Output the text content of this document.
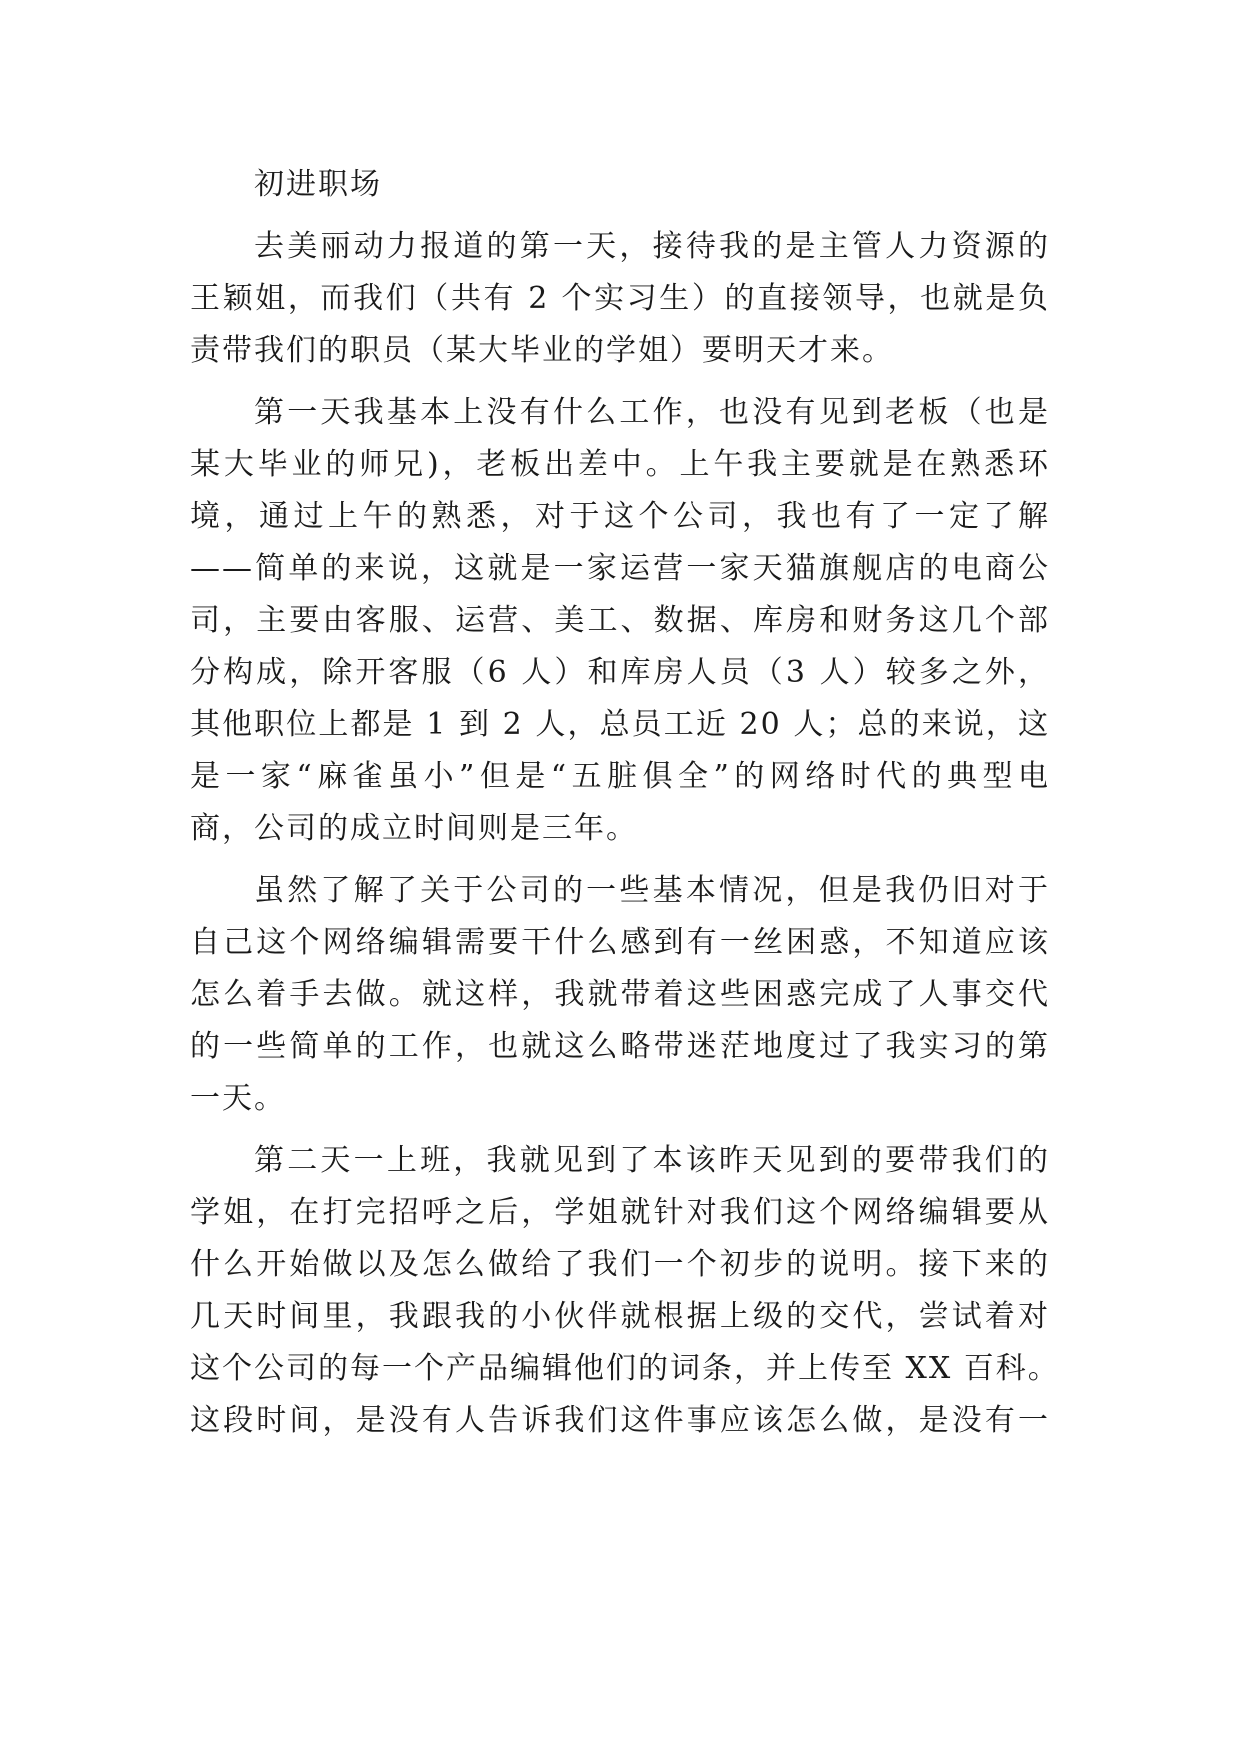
初进职场
去美丽动力报道的第一天，接待我的是主管人力资源的
王颖姐，而我们（共有 2 个实习生）的直接领导，也就是负
责带我们的职员（某大毕业的学姐）要明天才来。
第一天我基本上没有什么工作，也没有见到老板（也是
某大毕业的师兄)，老板出差中。上午我主要就是在熟悉环
境，通过上午的熟悉，对于这个公司，我也有了一定了解
——简单的来说，这就是一家运营一家天猫旗舰店的电商公
司，主要由客服、运营、美工、数据、库房和财务这几个部
分构成，除开客服（6 人）和库房人员（3 人）较多之外，
其他职位上都是 1 到 2 人，总员工近 20 人；总的来说，这
是一家“麻雀虽小”但是“五脏俱全”的网络时代的典型电
商，公司的成立时间则是三年。
虽然了解了关于公司的一些基本情况，但是我仍旧对于
自己这个网络编辑需要干什么感到有一丝困惑，不知道应该
怎么着手去做。就这样，我就带着这些困惑完成了人事交代
的一些简单的工作，也就这么略带迷茫地度过了我实习的第
一天。
第二天一上班，我就见到了本该昨天见到的要带我们的
学姐，在打完招呼之后，学姐就针对我们这个网络编辑要从
什么开始做以及怎么做给了我们一个初步的说明。接下来的
几天时间里，我跟我的小伙伴就根据上级的交代，尝试着对
这个公司的每一个产品编辑他们的词条，并上传至 XX 百科。
这段时间，是没有人告诉我们这件事应该怎么做，是没有一
